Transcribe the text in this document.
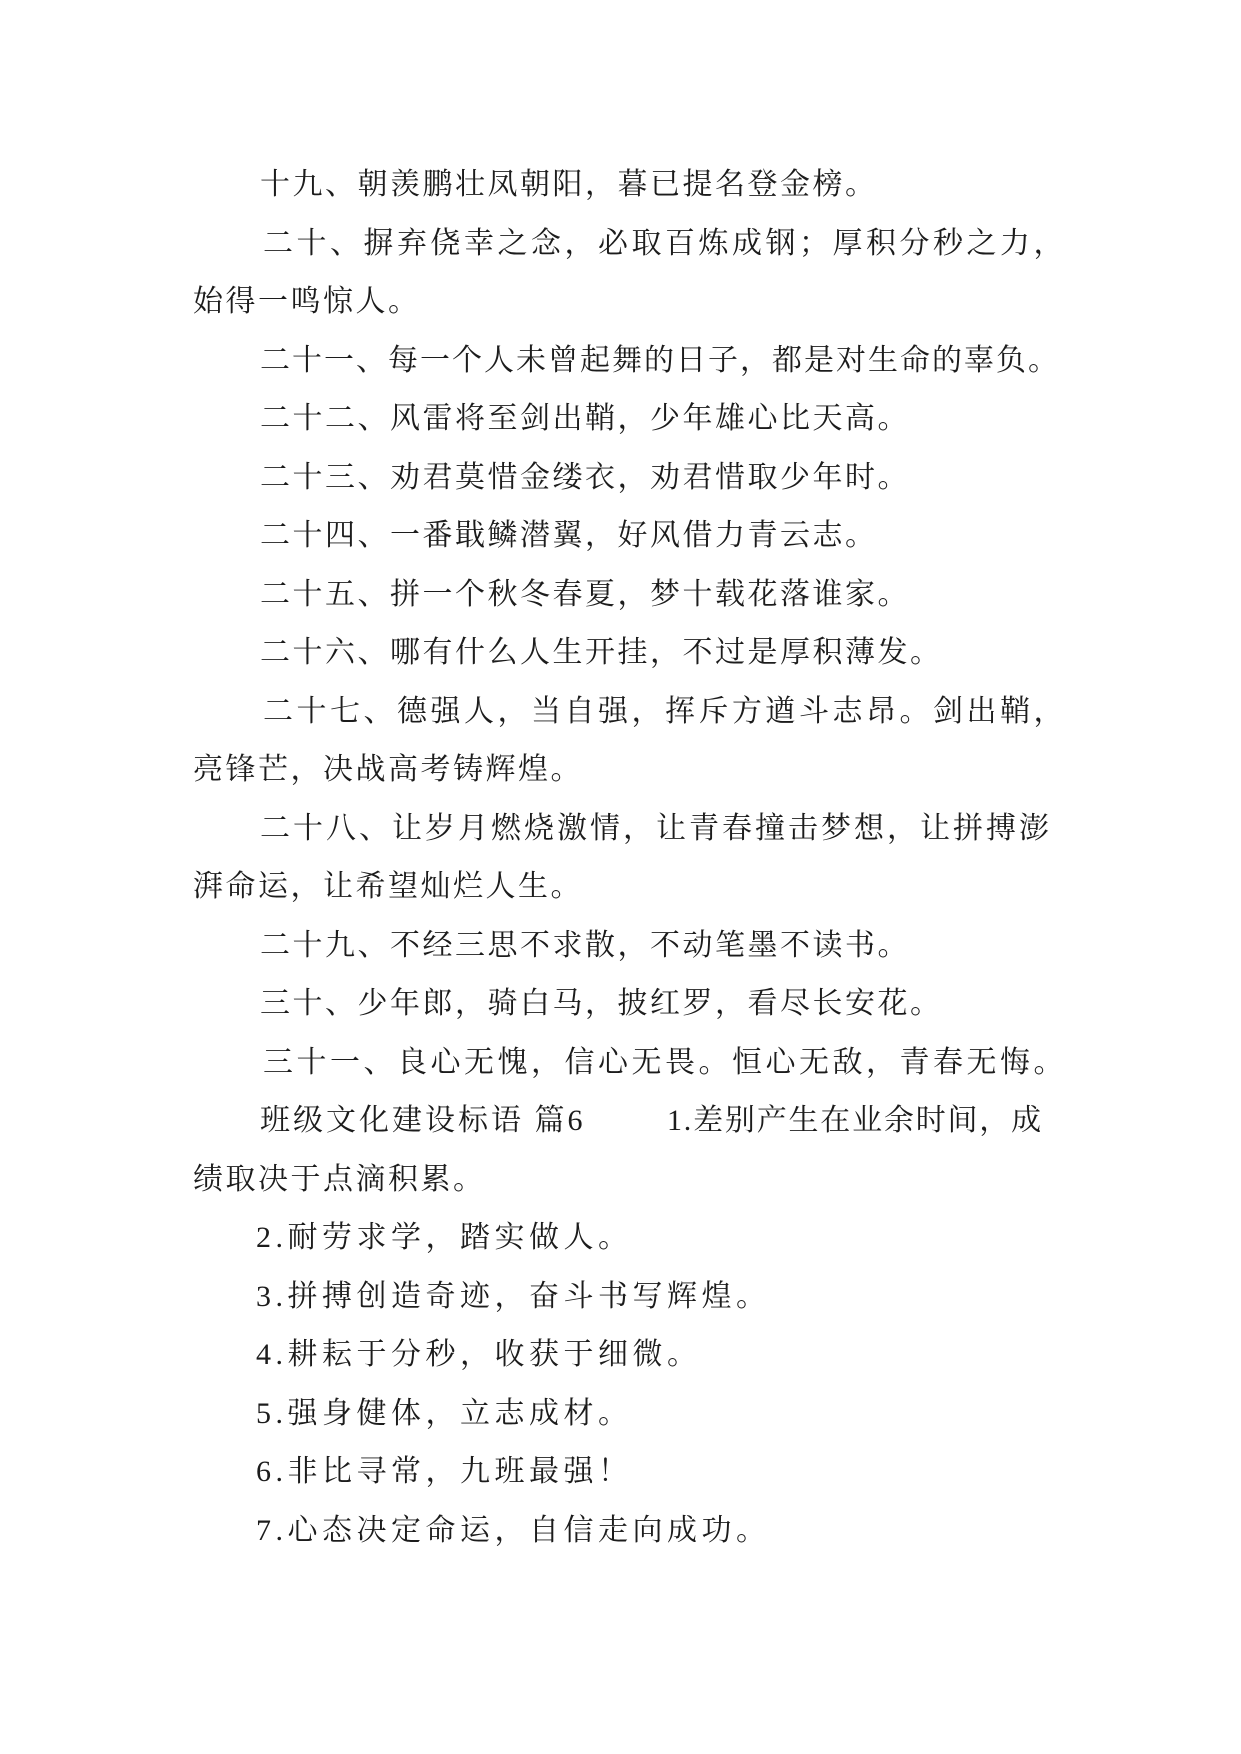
十九、朝羡鹏壮凤朝阳，暮已提名登金榜。
二十、摒弃侥幸之念，必取百炼成钢；厚积分秒之力，
始得一鸣惊人。
二十一、每一个人未曾起舞的日子，都是对生命的辜负。
二十二、风雷将至剑出鞘，少年雄心比天高。
二十三、劝君莫惜金缕衣，劝君惜取少年时。
二十四、一番戢鳞潜翼，好风借力青云志。
二十五、拼一个秋冬春夏，梦十载花落谁家。
二十六、哪有什么人生开挂，不过是厚积薄发。
二十七、德强人，当自强，挥斥方遒斗志昂。剑出鞘，
亮锋芒，决战高考铸辉煌。
二十八、让岁月燃烧激情，让青春撞击梦想，让拼搏澎
湃命运，让希望灿烂人生。
二十九、不经三思不求散，不动笔墨不读书。
三十、少年郎，骑白马，披红罗，看尽长安花。
三十一、良心无愧，信心无畏。恒心无敌，青春无悔。
班级文化建设标语 篇6	1.差别产生在业余时间，成
绩取决于点滴积累。
2.耐劳求学，踏实做人。
3.拼搏创造奇迹，奋斗书写辉煌。
4.耕耘于分秒，收获于细微。
5.强身健体，立志成材。
6.非比寻常，九班最强！
7.心态决定命运，自信走向成功。
